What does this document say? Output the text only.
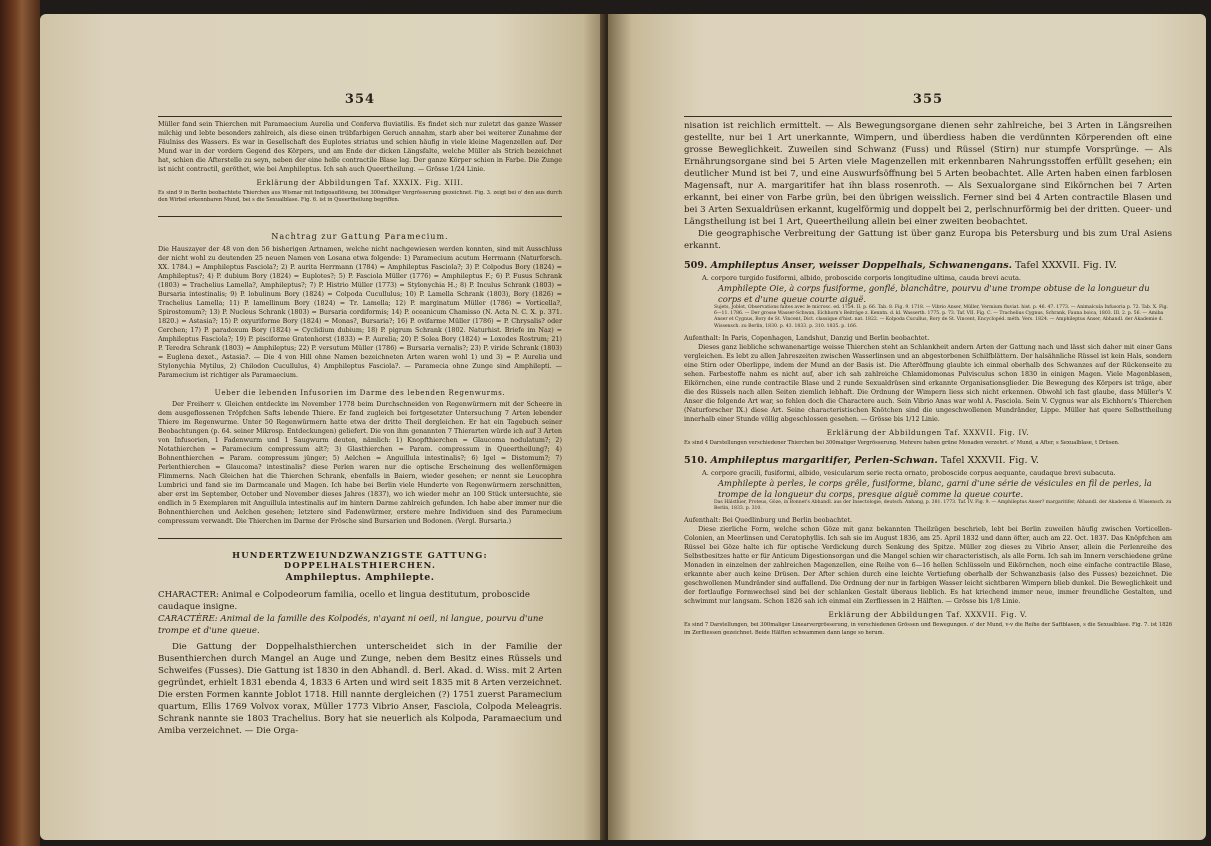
354

Müller fand sein Thierchen mit Paramaecium Aurelia und Conferva fluviatilis. Es findet sich nur zuletzt das ganze Wasser milchig und lebte besonders zahlreich, als diese einen trübfarbigen Geruch annahm, starb aber bei weiterer Zunahme der Fäulniss des Wassers. Es war in Gesellschaft des Euplotes striatus und schien häufig in viele kleine Magenzellen auf. Der Mund war in der vordern Gegend des Körpers, und am Ende der dicken Längsfalte, welche Müller als Strich bezeichnet hat, schien die Afterstelle zu seyn, neben der eine helle contractile Blase lag. Der ganze Körper schien in Farbe. Die Zunge ist nicht contractil, geröthet, wie bei Amphileptus. Ich sah auch Queertheilung. — Grösse 1/24 Linie.

Erklärung der Abbildungen Taf. XXXIX. Fig. XIII.

Es sind 9 in Berlin beobachtete Thierchen aus Wismar mit Indigoauflösung, bei 300maliger Vergrösserung gezeichnet. Fig. 3. zeigt bei o' den aus durch den Wirbel erkennbaren Mund, bei s die Sexualblase. Fig. 6. ist in Queertheilung begriffen.

Nachtrag zur Gattung Paramecium.

Die Hauszayer der 48 von den 56 bisherigen Artnamen, welche nicht nachgewiesen werden konnten, sind mit Ausschluss der nicht wohl zu deutenden 25 neuen Namen von Losana etwa folgende: 1) Paramecium acutum Herrmann (Naturforsch. XX. 1784.) = Amphileptus Fasciola?; 2) P. aurita Herrmann (1784) = Amphileptus Fasciola?; 3) P. Colpodus Bory (1824) = Amphileptus?; 4) P. dubium Bory (1824) = Euplotes?; 5) P. Fasciola Müller (1776) = Amphileptus F.; 6) P. Fusus Schrank (1803) = Trachelius Lamella?, Amphileptus?; 7) P. Histrio Müller (1773) = Stylonychia H.; 8) P. Inculus Schrank (1803) = Bursaria intestinalis; 9) P. lobulinum Bory (1824) = Colpoda Cucullulus; 10) P. Lamella Schrank (1803), Bory (1826) = Trachelius Lamella; 11) P. lamellinum Bory (1824) = Tr. Lamella; 12) P. marginatum Müller (1786) = Vorticella?, Spirostomum?; 13) P. Nucleus Schrank (1803) = Bursaria cordiformis; 14) P. oceanicum Chamisso (N. Acta N. C. X. p. 371. 1820.) = Astasia?; 15) P. oxyuriforme Bory (1824) = Monas?, Bursaria?; 16) P. ovifarme Müller (1786) = P. Chrysalis? oder Cerchen; 17) P. paradoxum Bory (1824) = Cyclidium dubium; 18) P. pigrum Schrank (1802. Naturhist. Briefe im Naz) = Amphileptus Fasciola?; 19) P. pisciforme Gratenhorst (1833) = P. Aurelia; 20) P. Solea Bory (1824) = Loxodes Rostrum; 21) P. Teredra Schrank (1803) = Amphileptus; 22) P. versutum Müller (1786) = Bursaria vernalis?; 23) P. viride Schrank (1803) = Euglena dexet., Astasia?. — Die 4 von Hill ohne Namen bezeichneten Arten waren wohl 1) und 3) = P. Aurelia und Stylonychia Mytilus, 2) Chilodon Cucullulus, 4) Amphileptus Fasciola?. — Paramecia ohne Zunge sind Amphilepti. — Paramecium ist richtiger als Paramaecium.

Ueber die lebenden Infusorien im Darme des lebenden Regenwurms.

Der Freiherr v. Gleichen entdeckte im November 1778 beim Durchschneiden von Regenwürmern mit der Scheere in dem ausgeflossenen Tröpfchen Safts lebende Thiere. Er fand zugleich bei fortgesetzter Untersuchung 7 Arten lebender Thiere im Regenwurme. Unter 50 Regenwürmern hatte etwa der dritte Theil dergleichen. Er hat ein Tagebuch seiner Beobachtungen (p. 64. seiner Mikrosp. Entdeckungen) geliefert. Die von ihm genannten 7 Thierarten würde ich auf 3 Arten von Infusorien, 1 Fadenwurm und 1 Saugwurm deuten, nämlich: 1) Knopfthierchen = Glaucoma nodulatum?; 2) Notathierchen = Paramecium compressum alt?; 3) Glasthierchen = Param. compressum in Queertheilung?; 4) Bohnenthierchen = Param. compressum jünger; 5) Aelchen = Anguillula intestinalis?; 6) Igel = Distomum?; 7) Perlenthierchen = Glaucoma? intestinalis? diese Perlen waren nur die optische Erscheinung des wellenförmigen Flimmerns. Nach Gleichen hat die Thierchen Schrank, ebenfalls in Baiern, wieder gesehen; er nennt sie Leucophra Lumbrici und fand sie im Darmcanale und Magen. Ich habe bei Berlin viele Hunderte von Regenwürmern zerschnitten, aber erst im September, October und November dieses Jahres (1837), wo ich wieder mehr an 100 Stück untersuchte, sie endlich in 5 Exemplaren mit Anguillula intestinalis auf im hintern Darme zahlreich gefunden. Ich habe aber immer nur die Bohnenthierchen und Aelchen gesehen; letztere sind Fadenwürmer, erstere mehre Individuen sind des Paramecium compressum verwandt. Die Thierchen im Darme der Frösche sind Bursarien und Bodonen. (Vergl. Bursaria.)

HUNDERTZWEIUNDZWANZIGSTE GATTUNG: DOPPELHALSTHIERCHEN.
Amphileptus. Amphilepte.

CHARACTER: Animal e Colpodeorum familia, ocello et lingua destitutum, proboscide caudaque insigne.

CARACTÈRE: Animal de la famille des Kolpodés, n'ayant ni oeil, ni langue, pourvu d'une trompe et d'une queue.

Die Gattung der Doppelhalsthierchen unterscheidet sich in der Familie der Busenthierchen durch Mangel an Auge und Zunge, neben dem Besitz eines Rüssels und Schweifes (Fusses). Die Gattung ist 1830 in den Abhandl. d. Berl. Akad. d. Wiss. mit 2 Arten gegründet, erhielt 1831 ebenda 4, 1833 6 Arten und wird seit 1835 mit 8 Arten verzeichnet. Die ersten Formen kannte Joblot 1718. Hill nannte dergleichen (?) 1751 zuerst Paramecium quartum, Ellis 1769 Volvox vorax, Müller 1773 Vibrio Anser, Fasciola, Colpoda Meleagris. Schrank nannte sie 1803 Trachelius. Bory hat sie neuerlich als Kolpoda, Paramaecium und Amiba verzeichnet. — Die Orga-

355

nisation ist reichlich ermittelt. — Als Bewegungsorgane dienen sehr zahlreiche, bei 3 Arten in Längsreihen gestellte, nur bei 1 Art unerkannte, Wimpern, und überdiess haben die verdünnten Körperenden oft eine grosse Beweglichkeit. Zuweilen sind Schwanz (Fuss) und Rüssel (Stirn) nur stumpfe Vorsprünge. — Als Ernährungsorgane sind bei 5 Arten viele Magenzellen mit erkennbaren Nahrungsstoffen erfüllt gesehen; ein deutlicher Mund ist bei 7, und eine Auswurfsöffnung bei 5 Arten beobachtet. Alle Arten haben einen farblosen Magensaft, nur A. margaritifer hat ihn blass rosenroth. — Als Sexualorgane sind Eikörnchen bei 7 Arten erkannt, bei einer von Farbe grün, bei den übrigen weisslich. Ferner sind bei 4 Arten contractile Blasen und bei 3 Arten Sexualdrüsen erkannt, kugelförmig und doppelt bei 2, perlschnurförmig bei der dritten. Queer- und Längstheilung ist bei 1 Art, Queertheilung allein bei einer zweiten beobachtet.

Die geographische Verbreitung der Gattung ist über ganz Europa bis Petersburg und bis zum Ural Asiens erkannt.

509. Amphileptus Anser, weisser Doppelhals, Schwanengans. Tafel XXXVII. Fig. IV.

A. corpore turgido fusiformi, albido, proboscide corporis longitudine ultima, cauda brevi acuta.

Amphilepte Oie, à corps fusiforme, gonflé, blanchâtre, pourvu d'une trompe obtuse de la longueur du corps et d'une queue courte aiguë.

Sujets, Joblot, Observations faites avec le microsc. ed. 1754. II. p. 66. Tab. 8. Fig. 9. 1718. — Vibrio Anser, Müller, Vermium fluviat. hist. p. 46. 47. 1773. — Animalcula Infusoria p. 72. Tab. X. Fig. 6—11. 1786. — Der grosse Wasser-Schwan, Eichhorn's Beiträge z. Kenntn. d. kl. Wasserth. 1775. p. 73. Taf. VII. Fig. C. — Trachelius Cygnus, Schrank, Fauna boica, 1803. III. 2. p. 56. — Amiba Anser et Cygnus, Bory de St. Vincent, Dict. classique d'hist. nat. 1822. — Kolpoda Cucullus, Bory de St. Vincent, Encyclopéd. méth. Vers. 1824. — Amphileptus Anser, Abhandl. der Akademie d. Wissensch. zu Berlin, 1830. p. 43. 1833. p. 310. 1835. p. 166.

Aufenthalt: In Paris, Copenhagen, Landshut, Danzig und Berlin beobachtet.

Dieses ganz liebliche schwanenartige weisse Thierchen steht an Schlankheit andern Arten der Gattung nach und lässt sich daher mit einer Gans vergleichen. Es lebt zu allen Jahreszeiten zwischen Wasserlinsen und an abgestorbenen Schilfblättern. Der halsähnliche Rüssel ist kein Hals, sondern eine Stirn oder Oberlippe, indem der Mund an der Basis ist. Die Afteröffnung glaubte ich einmal oberhalb des Schwanzes auf der Rückenseite zu sehen. Farbestoffe nahm es nicht auf, aber ich sah zahlreiche Chlamidomonas Pulvisculus schon 1830 in einigen Magen. Viele Magenblasen, Eikörnchen, eine runde contractile Blase und 2 runde Sexualdrüsen sind erkannte Organisationsglieder. Die Bewegung des Körpers ist träge, aber die des Rüssels nach allen Seiten ziemlich lebhaft. Die Ordnung der Wimpern liess sich nicht erkennen. Obwohl ich fast glaube, dass Müller's V. Anser die folgende Art war, so fehlen doch die Charactere auch. Sein Vibrio Anas war wohl A. Fasciola. Sein V. Cygnus war als Eichhorn's Thierchen (Naturforscher IX.) diese Art. Seine characteristischen Knötchen sind die ungeschwollenen Mundränder, Lippe. Müller hat quere Selbsttheilung innerhalb einer Stunde völlig abgeschlossen gesehen. — Grösse bis 1/12 Linie.

Erklärung der Abbildungen Taf. XXXVII. Fig. IV.

Es sind 4 Darstellungen verschiedener Thierchen bei 300maliger Vergrösserung. Mehrere haben grüne Monaden verzehrt. o' Mund, a After, s Sexualblase, t Drüsen.

510. Amphileptus margaritifer, Perlen-Schwan. Tafel XXXVII. Fig. V.

A. corpore gracili, fusiformi, albido, vesicularum serie recta ornato, proboscide corpus aequante, caudaque brevi subacuta.

Amphilepte à perles, le corps grêle, fusiforme, blanc, garni d'une série de vésicules en fil de perles, la trompe de la longueur du corps, presque aiguë comme la queue courte.

Das Hälsthier, Proteus, Göze, in Bonnet's Abhandl. aus der Insectologie, deutsch. Anhang, p. 381. 1773. Taf. IV. Fig. 9. — Amphileptus Anser? margaritifer, Abhandl. der Akademie d. Wissensch. zu Berlin, 1833. p. 310.

Aufenthalt: Bei Quedlinburg und Berlin beobachtet.

Diese zierliche Form, welche schon Göze mit ganz bekannten Theilzügen beschrieb, lebt bei Berlin zuweilen häufig zwischen Vorticellen-Colonien, an Meerlinsen und Ceratophyllis. Ich sah sie im August 1836, am 25. April 1832 und dann öfter, auch am 22. Oct. 1837. Das Knöpfchen am Rüssel bei Göze halte ich für optische Verdickung durch Senkung des Spitze. Müller zog dieses zu Vibrio Anser, allein die Perlenreihe des Selbstbesitzes hatte er für Anticum Digestionsorgan und die Mangel schien wir characteristisch, als alle Form. Ich sah im Innern verschiedene grüne Monaden in einzelnen der zahlreichen Magenzellen, eine Reihe von 6—16 hellen Schlüsseln und Eikörnchen, noch eine einfache contractile Blase, erkannte aber auch keine Drüsen. Der After schien durch eine leichte Vertiefung oberhalb der Schwanzbasis (also des Fusses) bezeichnet. Die geschwollenen Mundränder sind auffallend. Die Ordnung der nur in farbigen Wasser leicht sichtbaren Wimpern blieb dunkel. Die Beweglichkeit und der fortlaufige Formwechsel sind bei der schlanken Gestalt überaus lieblich. Es hat kriechend immer neue, immer freundliche Gestalten, und schwimmt nur langsam. Schon 1826 sah ich einmal ein Zerfliessen in 2 Hälften. — Grösse bis 1/8 Linie.

Erklärung der Abbildungen Taf. XXXVII. Fig. V.

Es sind 7 Darstellungen, bei 300maliger Linearvergrösserung, in verschiedenen Grössen und Bewegungen. o' der Mund, v-v die Reihe der Saftblasen, s die Sexualblase. Fig. 7. ist 1826 im Zerfliessen gezeichnet. Beide Hälften schwammen dann lange so herum.
